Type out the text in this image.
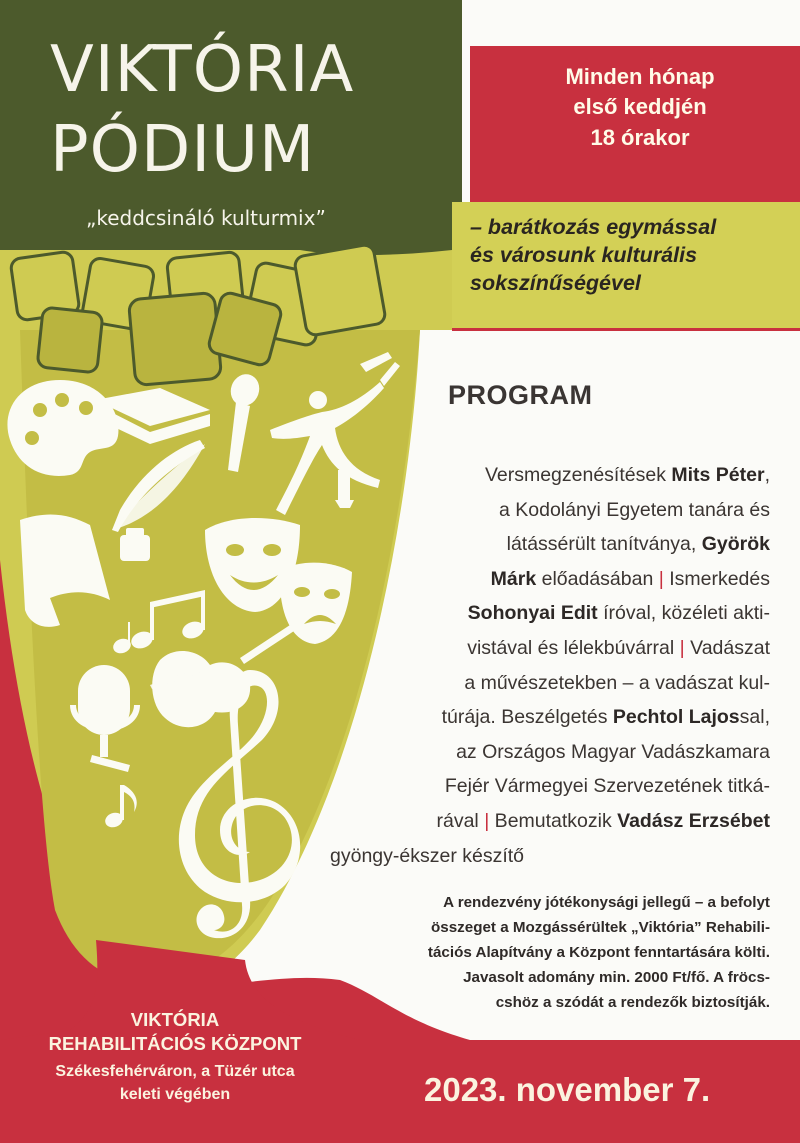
VIKTÓRIA
PÓDIUM
„keddcsináló kulturmix”
Minden hónap
első keddjén
18 órakor
– barátkozás egymással
és városunk kulturális
sokszínűségével
PROGRAM
Versmegzenésítések Mits Péter,
a Kodolányi Egyetem tanára és
látássérült tanítványa, Györök
Márk előadásában | Ismerkedés
Sohonyai Edit íróval, közéleti akti-
vistával és lélekbúvárral | Vadászat
a művészetekben – a vadászat kul-
túrája. Beszélgetés Pechtol Lajossal,
az Országos Magyar Vadászkamara
Fejér Vármegyei Szervezetének titká-
rával | Bemutatkozik Vadász Erzsébet
gyöngy-ékszer készítő
A rendezvény jótékonysági jellegű – a befolyt
összeget a Mozgássérültek „Viktória” Rehabili-
tációs Alapítvány a Központ fenntartására költi.
Javasolt adomány min. 2000 Ft/fő. A fröcs-
cshöz a szódát a rendezők biztosítják.
VIKTÓRIA
REHABILITÁCIÓS KÖZPONT
Székesfehérváron, a Tüzér utca
keleti végében	2023. november 7.
